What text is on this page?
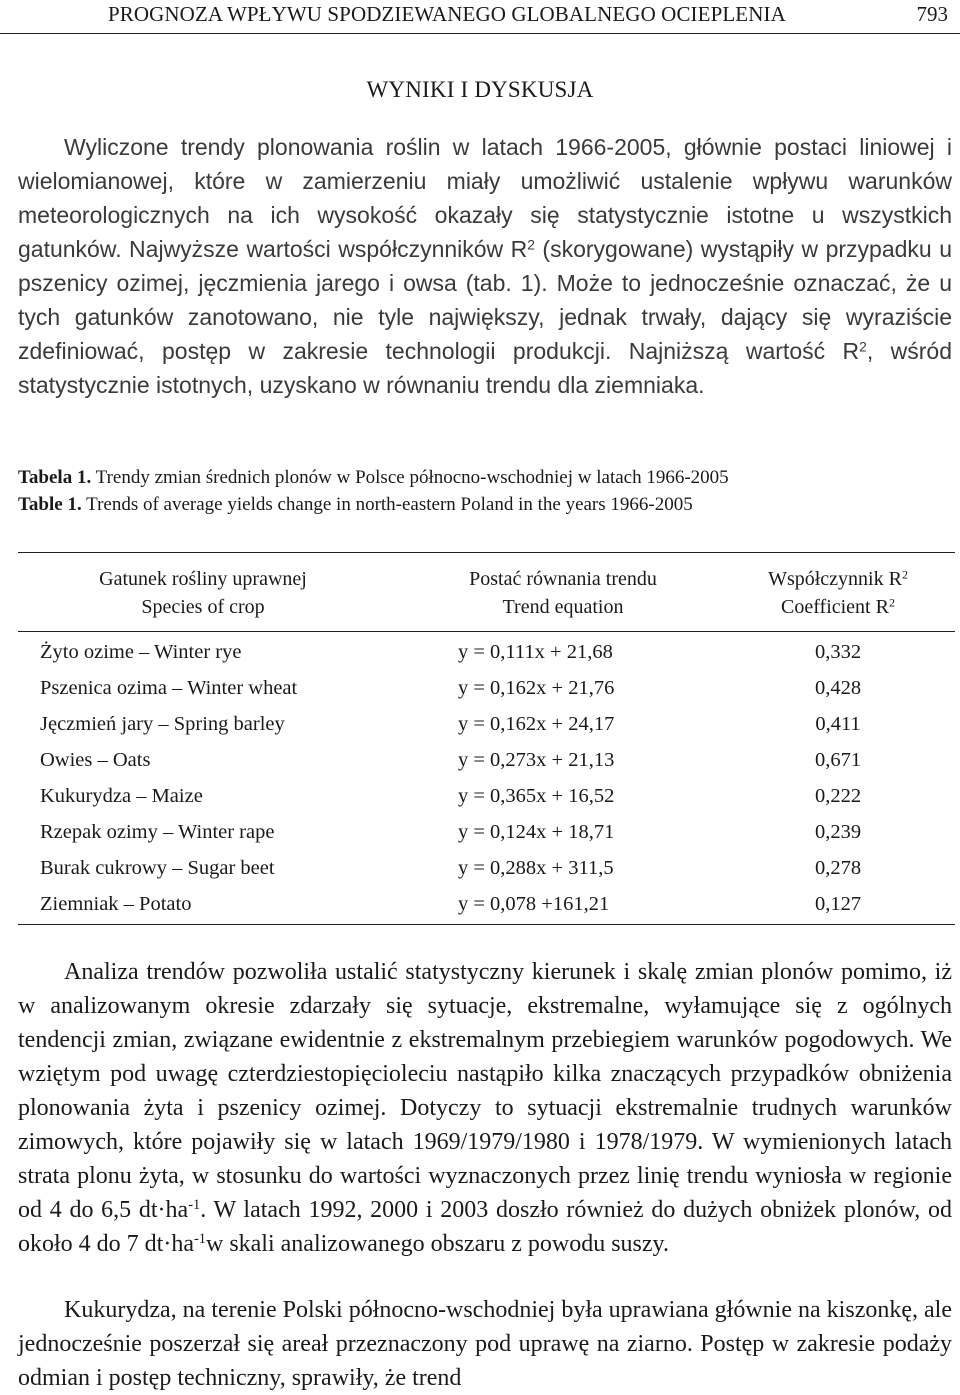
PROGNOZA WPŁYWU SPODZIEWANEGO GLOBALNEGO OCIEPLENIA	793
WYNIKI I DYSKUSJA

Wyliczone trendy plonowania roślin w latach 1966-2005, głównie postaci liniowej i wielomianowej, które w zamierzeniu miały umożliwić ustalenie wpływu warunków meteorologicznych na ich wysokość okazały się statystycznie istotne u wszystkich gatunków. Najwyższe wartości współczynników $R^2$ (skorygowane) wystąpiły w przypadku u pszenicy ozimej, jęczmienia jarego i owsa (tab. 1). Może to jednocześnie oznaczać, że u tych gatunków zanotowano, nie tyle największy, jednak trwały, dający się wyraziście zdefiniować, postęp w zakresie technologii produkcji. Najniższą wartość $R^2$, wśród statystycznie istotnych, uzyskano w równaniu trendu dla ziemniaka.

Tabela 1. Trendy zmian średnich plonów w Polsce północno-wschodniej w latach 1966-2005
Table 1. Trends of average yields change in north-eastern Poland in the years 1966-2005
Gatunek rośliny uprawnej
Species of crop
Postać równania trendu
Trend equation
Współczynnik $R^2$
Coefficient $R^2$
Żyto ozime – Winter rye	y = 0,111x + 21,68	0,332
Pszenica ozima – Winter wheat	y = 0,162x + 21,76	0,428
Jęczmień jary – Spring barley	y = 0,162x + 24,17	0,411
Owies – Oats	y = 0,273x + 21,13	0,671
Kukurydza – Maize	y = 0,365x + 16,52	0,222
Rzepak ozimy – Winter rape	y = 0,124x + 18,71	0,239
Burak cukrowy – Sugar beet	y = 0,288x + 311,5	0,278
Ziemniak – Potato	y = 0,078 +161,21	0,127

Analiza trendów pozwoliła ustalić statystyczny kierunek i skalę zmian plonów pomimo, iż w analizowanym okresie zdarzały się sytuacje, ekstremalne, wyłamujące się z ogólnych tendencji zmian, związane ewidentnie z ekstremalnym przebiegiem warunków pogodowych. We wziętym pod uwagę czterdziestopięcioleciu nastąpiło kilka znaczących przypadków obniżenia plonowania żyta i pszenicy ozimej. Dotyczy to sytuacji ekstremalnie trudnych warunków zimowych, które pojawiły się w latach 1969/1979/1980 i 1978/1979. W wymienionych latach strata plonu żyta, w stosunku do wartości wyznaczonych przez linię trendu wyniosła w regionie od 4 do 6,5 $dt\cdot ha^{-1}$. W latach 1992, 2000 i 2003 doszło również do dużych obniżek plonów, od około 4 do 7 $dt\cdot ha^{-1}w$ skali analizowanego obszaru z powodu suszy.

Kukurydza, na terenie Polski północno-wschodniej była uprawiana głównie na kiszonkę, ale jednocześnie poszerzał się areał przeznaczony pod uprawę na ziarno. Postęp w zakresie podaży odmian i postęp techniczny, sprawiły, że trend
